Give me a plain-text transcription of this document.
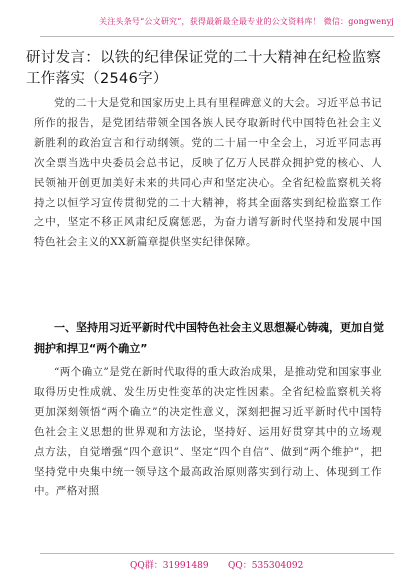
关注头条号“公文研究”，获得最新最全最专业的公文资料库！ 微信：gongwenyj
研讨发言：以铁的纪律保证党的二十大精神在纪检监察工作落实（2546字）

党的二十大是党和国家历史上具有里程碑意义的大会。习近平总书记所作的报告，是党团结带领全国各族人民夺取新时代中国特色社会主义新胜利的政治宣言和行动纲领。党的二十届一中全会上，习近平同志再次全票当选中央委员会总书记，反映了亿万人民群众拥护党的核心、人民领袖开创更加美好未来的共同心声和坚定决心。全省纪检监察机关将持之以恒学习宣传贯彻党的二十大精神，将其全面落实到纪检监察工作之中，坚定不移正风肃纪反腐惩恶，为奋力谱写新时代坚持和发展中国特色社会主义的XX新篇章提供坚实纪律保障。

一、坚持用习近平新时代中国特色社会主义思想凝心铸魂，更加自觉拥护和捍卫“两个确立”

“两个确立”是党在新时代取得的重大政治成果，是推动党和国家事业取得历史性成就、发生历史性变革的决定性因素。全省纪检监察机关将更加深刻领悟“两个确立”的决定性意义，深刻把握习近平新时代中国特色社会主义思想的世界观和方法论，坚持好、运用好贯穿其中的立场观点方法，自觉增强“四个意识”、坚定“四个自信”、做到“两个维护”，把坚持党中央集中统一领导这个最高政治原则落实到行动上、体现到工作中。严格对照

QQ群：31991489 QQ：535304092
